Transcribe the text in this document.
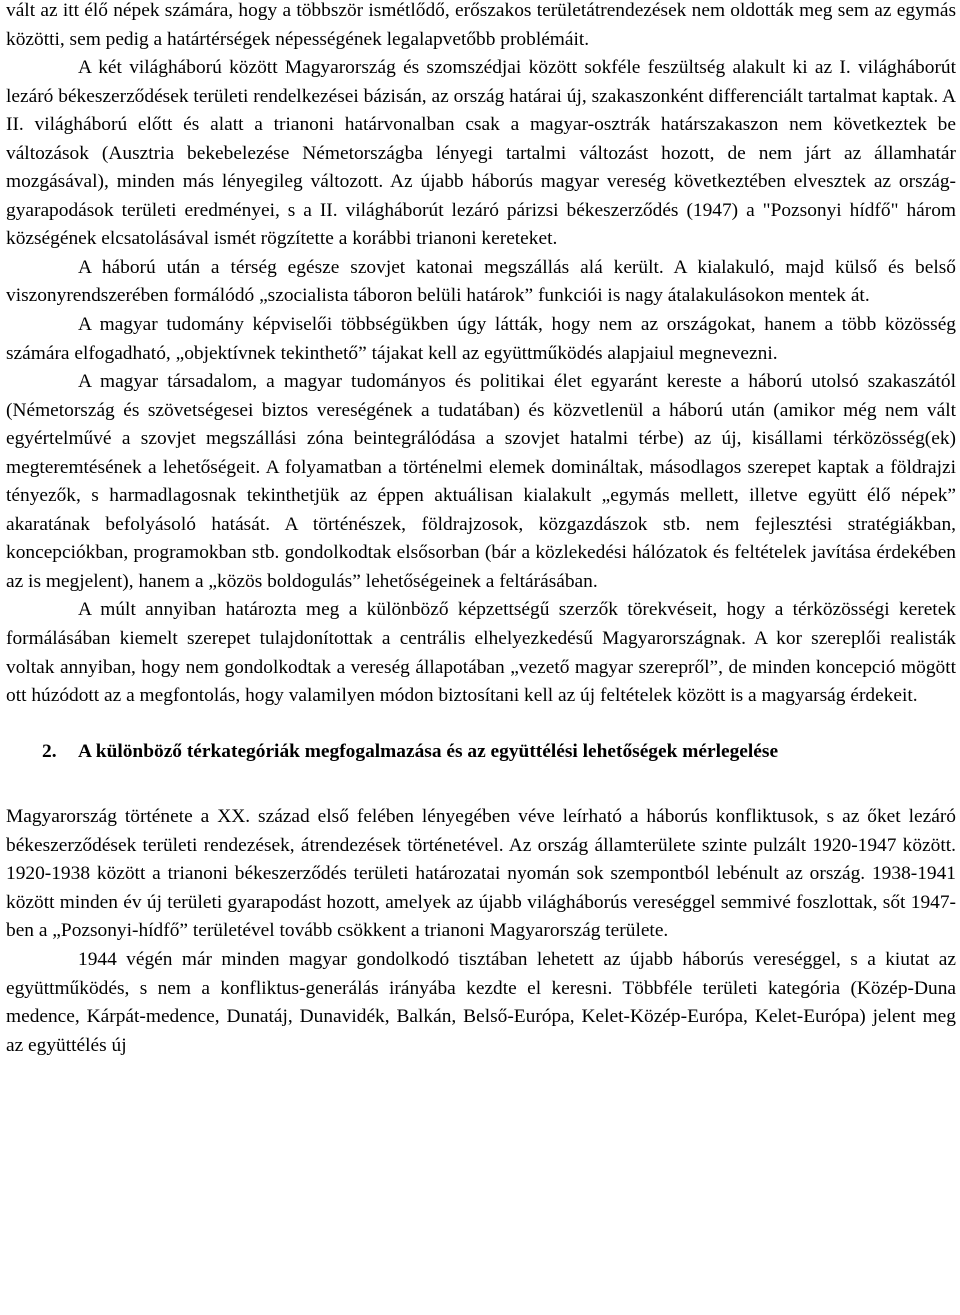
vált az itt élő népek számára, hogy a többször ismétlődő, erőszakos területátrendezések nem oldották meg sem az egymás közötti, sem pedig a határtérségek népességének legalapvetőbb problémáit.

A két világháború között Magyarország és szomszédjai között sokféle feszültség alakult ki az I. világháborút lezáró békeszerződések területi rendelkezései bázisán, az ország határai új, szakaszonként differenciált tartalmat kaptak. A II. világháború előtt és alatt a trianoni határvonalban csak a magyar-osztrák határszakaszon nem következtek be változások (Ausztria bekebelezése Németországba lényegi tartalmi változást hozott, de nem járt az államhatár mozgásával), minden más lényegileg változott. Az újabb háborús magyar vereség következtében elvesztek az ország-gyarapodások területi eredményei, s a II. világháborút lezáró párizsi békeszerződés (1947) a "Pozsonyi hídfő" három községének elcsatolásával ismét rögzítette a korábbi trianoni kereteket.

A háború után a térség egésze szovjet katonai megszállás alá került. A kialakuló, majd külső és belső viszonyrendszerében formálódó „szocialista táboron belüli határok” funkciói is nagy átalakulásokon mentek át.

A magyar tudomány képviselői többségükben úgy látták, hogy nem az országokat, hanem a több közösség számára elfogadható, „objektívnek tekinthető” tájakat kell az együttműködés alapjaiul megnevezni.

A magyar társadalom, a magyar tudományos és politikai élet egyaránt kereste a háború utolsó szakaszától (Németország és szövetségesei biztos vereségének a tudatában) és közvetlenül a háború után (amikor még nem vált egyértelművé a szovjet megszállási zóna beintegrálódása a szovjet hatalmi térbe) az új, kisállami térközösség(ek) megteremtésének a lehetőségeit. A folyamatban a történelmi elemek domináltak, másodlagos szerepet kaptak a földrajzi tényezők, s harmadlagosnak tekinthetjük az éppen aktuálisan kialakult „egymás mellett, illetve együtt élő népek” akaratának befolyásoló hatását. A történészek, földrajzosok, közgazdászok stb. nem fejlesztési stratégiákban, koncepciókban, programokban stb. gondolkodtak elsősorban (bár a közlekedési hálózatok és feltételek javítása érdekében az is megjelent), hanem a „közös boldogulás” lehetőségeinek a feltárásában.

A múlt annyiban határozta meg a különböző képzettségű szerzők törekvéseit, hogy a térközösségi keretek formálásában kiemelt szerepet tulajdonítottak a centrális elhelyezkedésű Magyarországnak. A kor szereplői realisták voltak annyiban, hogy nem gondolkodtak a vereség állapotában „vezető magyar szerepről”, de minden koncepció mögött ott húzódott az a megfontolás, hogy valamilyen módon biztosítani kell az új feltételek között is a magyarság érdekeit.

2. A különböző térkategóriák megfogalmazása és az együttélési lehetőségek mérlegelése

Magyarország története a XX. század első felében lényegében véve leírható a háborús konfliktusok, s az őket lezáró békeszerződések területi rendezések, átrendezések történetével. Az ország államterülete szinte pulzált 1920-1947 között. 1920-1938 között a trianoni békeszerződés területi határozatai nyomán sok szempontból lebénult az ország. 1938-1941 között minden év új területi gyarapodást hozott, amelyek az újabb világháborús vereséggel semmivé foszlottak, sőt 1947-ben a „Pozsonyi-hídfő” területével tovább csökkent a trianoni Magyarország területe.

1944 végén már minden magyar gondolkodó tisztában lehetett az újabb háborús vereséggel, s a kiutat az együttműködés, s nem a konfliktus-generálás irányába kezdte el keresni. Többféle területi kategória (Közép-Duna medence, Kárpát-medence, Dunatáj, Dunavidék, Balkán, Belső-Európa, Kelet-Közép-Európa, Kelet-Európa) jelent meg az együttélés új
